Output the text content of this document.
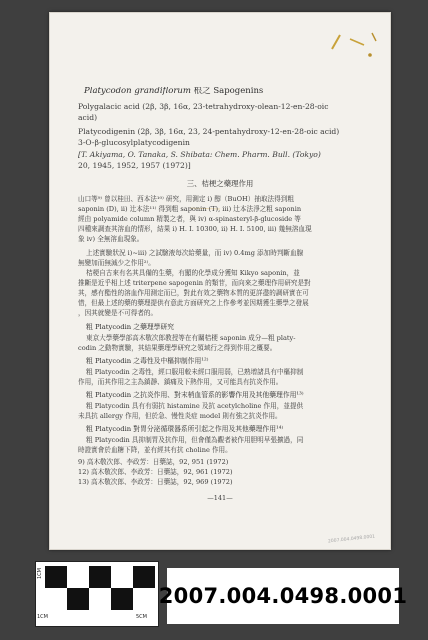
Platycodon grandiflorum 根之 Sapogenins
Polygalacic acid (2β, 3β, 16α, 23-tetrahydroxy-olean-12-en-28-oic
acid)
Platycodigenin (2β, 3β, 16α, 23, 24-pentahydroxy-12-en-28-oic acid)
3-O-β-glucosylplatycodigenin
[T. Akiyama, O. Tanaka, S. Shibata: Chem. Pharm. Bull. (Tokyo)
20, 1945, 1952, 1957 (1972)]
三、桔梗之藥理作用
山口等⁹⁾ 曾以桂田、西本法¹⁰⁾ 研究，用測定 i) 醇（BuOH）抽取法得到粗
saponin (D), ii) 辻本法¹¹⁾ 得到粗 saponin (T), iii) 辻本法淨之粗 saponin
經由 polyamide column 精製之者，與 iv) α-spinasteryl-β-glucoside 等
四種來調查其溶血的情形，結果 i) H. I. 10300, ii) H. I. 5100, iii) 幾無溶血現
象 iv) 全無溶血現象。
上述實驗狀況 i)~iii) 之試驗液每次給藥量，而 iv) 0.4mg 添加時判斷血腺
無變加而無減少之作用²⁾。
桔梗自古來有名其具備的生藥，有顯的化學成分獲知 Kikyo saponin，並
推斷是近乎相上述 triterpene sapogenin 的類苷，而向來之藥理作用研究是對
其，感有酯性的溶血作用測定而已，對此有效之藥物本質的更詳盡的調研實在可
惜，但最上述的藥的藥理提供有意此方面研究之上作參考並因期獲生藥學之發展
，因其就變是不可得者的。
粗 Platycodin 之藥理學研究
東京大學藥學部高木敬次郎教授等在有關桔梗 saponin 成分—粗 platy-
codin 之動物實驗，其結果藥理學研究之領域行之得到作用之概要。
粗 Platycodin 之毒性及中樞抑制作用¹²⁾
粗 Platycodin 之毒性，經口服用較未經口服用弱，已熟增諸具有中樞抑制
作用，而其作用之主為鎮靜、鎮痛及下熱作用，又可能具有抗炎作用。
粗 Platycodin 之抗炎作用、對末梢血管系的影響作用及其他藥理作用¹³⁾
粗 Platycodin 具有有弱抗 histamine 及抗 acetylcholine 作用，並提供
未具抗 allergy 作用，但於急、慢性炎症 model 則有強之抗炎作用。
粗 Platycodin 對胃分泌循環器系所引起之作用及其他藥理作用¹⁴⁾
粗 Platycodin 具抑制胃及抗作用，但會僅為觀者被作用胆明早張擴過，同
時證實會於血糖下降，並有經其有抗 choline 作用。
9) 高木敬次郎、李政芳：日藥誌，92, 951 (1972)
12) 高木敬次郎、李政芳：日藥誌，92, 961 (1972)
13) 高木敬次郎、李政芳：日藥誌，92, 969 (1972)
—141—
2007.004.0498.0001
1CM
1CM	5CM
2007.004.0498.0001
